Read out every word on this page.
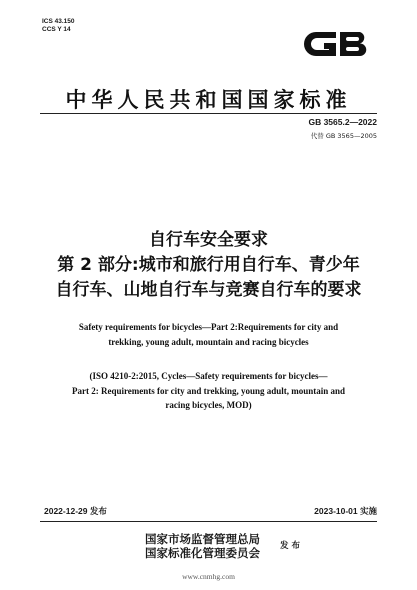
ICS 43.150
CCS Y 14
中华人民共和国国家标准
GB 3565.2—2022
代替 GB 3565—2005
自行车安全要求
第 2 部分:城市和旅行用自行车、青少年
自行车、山地自行车与竞赛自行车的要求
Safety requirements for bicycles—Part 2:Requirements for city and
trekking, young adult, mountain and racing bicycles
(ISO 4210-2:2015, Cycles—Safety requirements for bicycles—
Part 2: Requirements for city and trekking, young adult, mountain and
racing bicycles, MOD)
2022-12-29 发布	2023-10-01 实施
国家市场监督管理总局
国家标准化管理委员会 发布
www.cnmhg.com
